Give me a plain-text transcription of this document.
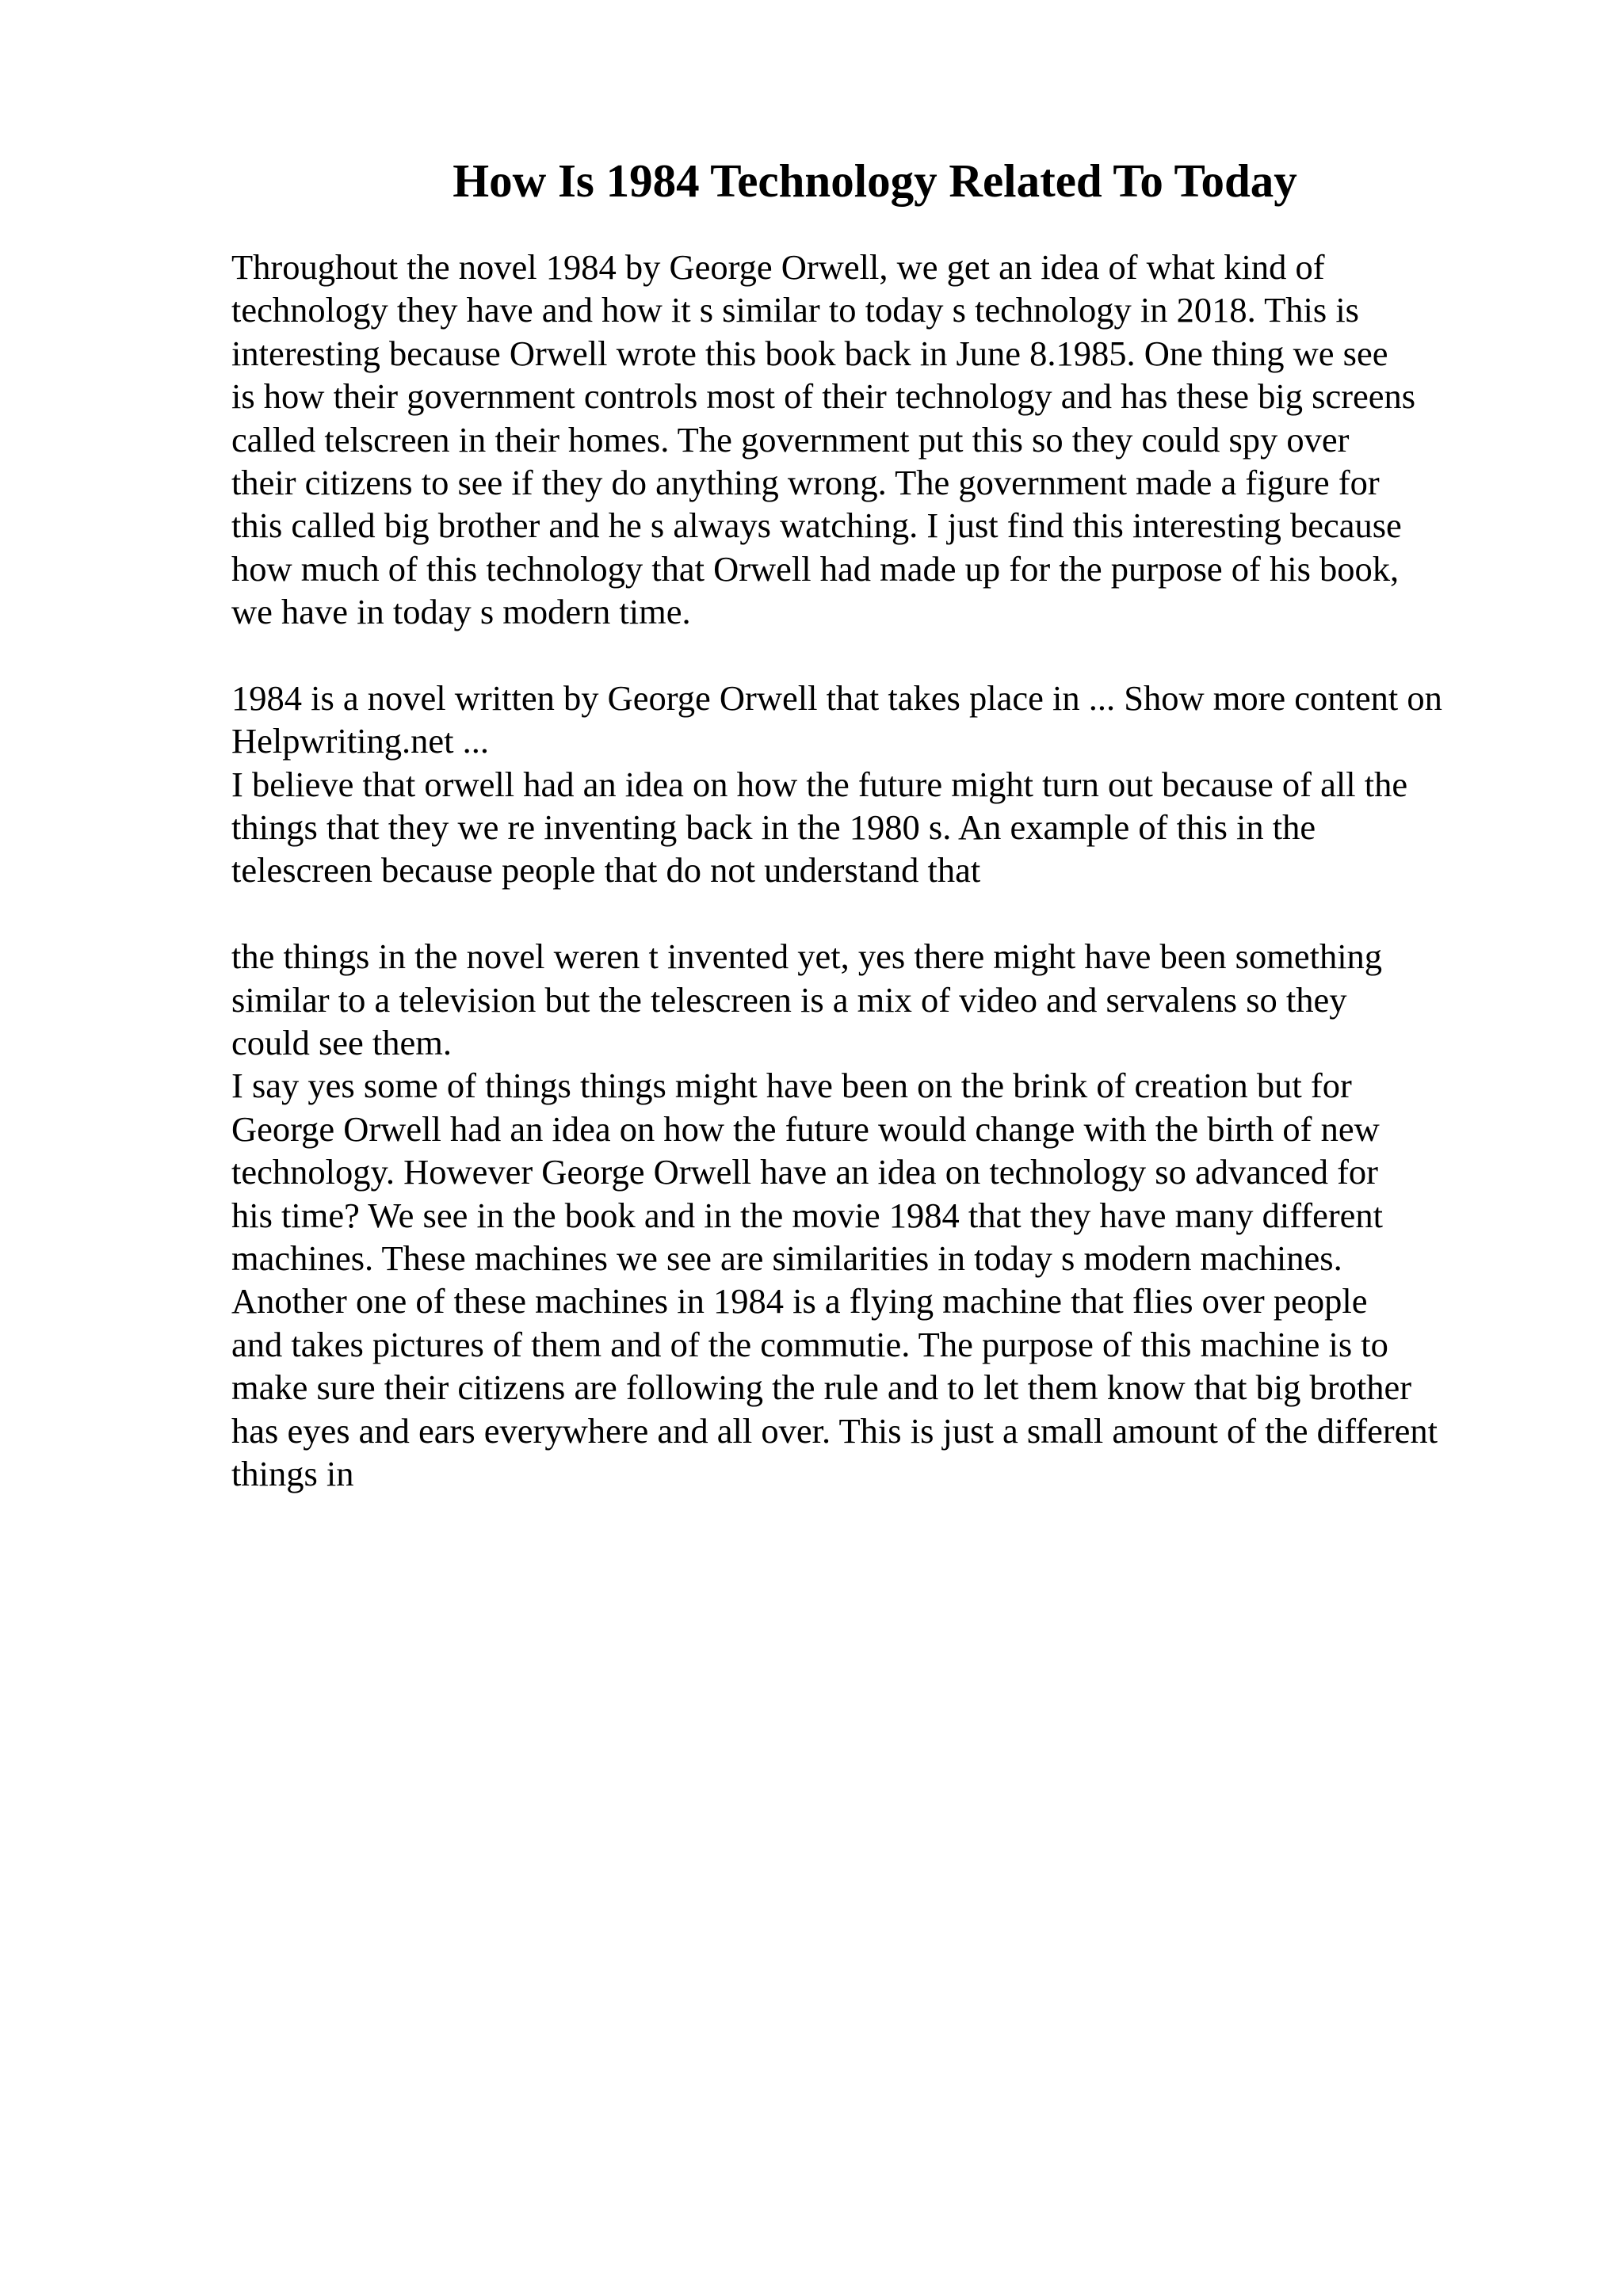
How Is 1984 Technology Related To Today
Throughout the novel 1984 by George Orwell, we get an idea of what kind of
technology they have and how it s similar to today s technology in 2018. This is
interesting because Orwell wrote this book back in June 8.1985. One thing we see
is how their government controls most of their technology and has these big screens
called telscreen in their homes. The government put this so they could spy over
their citizens to see if they do anything wrong. The government made a figure for
this called big brother and he s always watching. I just find this interesting because
how much of this technology that Orwell had made up for the purpose of his book,
we have in today s modern time.
1984 is a novel written by George Orwell that takes place in ... Show more content on
Helpwriting.net ...
I believe that orwell had an idea on how the future might turn out because of all the
things that they we re inventing back in the 1980 s. An example of this in the
telescreen because people that do not understand that
the things in the novel weren t invented yet, yes there might have been something
similar to a television but the telescreen is a mix of video and servalens so they
could see them.
I say yes some of things things might have been on the brink of creation but for
George Orwell had an idea on how the future would change with the birth of new
technology. However George Orwell have an idea on technology so advanced for
his time? We see in the book and in the movie 1984 that they have many different
machines. These machines we see are similarities in today s modern machines.
Another one of these machines in 1984 is a flying machine that flies over people
and takes pictures of them and of the commutie. The purpose of this machine is to
make sure their citizens are following the rule and to let them know that big brother
has eyes and ears everywhere and all over. This is just a small amount of the different
things in
